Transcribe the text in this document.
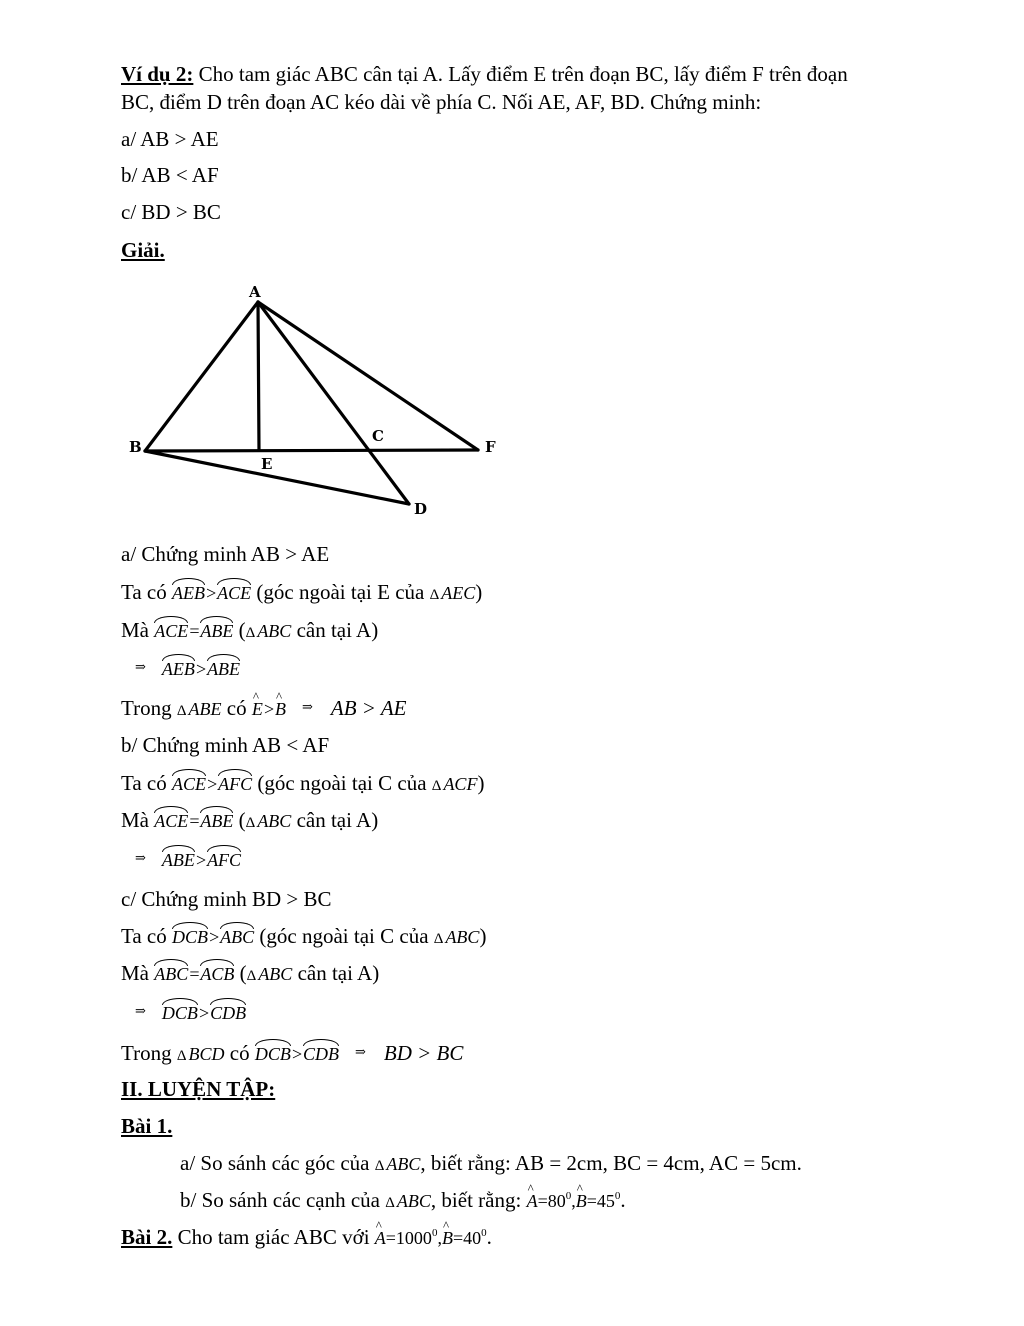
Ví dụ 2: Cho tam giác ABC cân tại A. Lấy điểm E trên đoạn BC, lấy điểm F trên đoạn
BC, điểm D trên đoạn AC kéo dài về phía C. Nối AE, AF, BD. Chứng minh:
a/ AB > AE
b/ AB < AF
c/ BD > BC
Giải.
A
B
C
D
E
F
a/ Chứng minh AB > AE
Ta có AEB>ACE (góc ngoài tại E của Δ AEC)
Mà ACE=ABE (Δ ABC cân tại A)
⇒ AEB>ABE
Trong Δ ABE có ^ E>^ B ⇒ AB > AE
b/ Chứng minh AB < AF
Ta có ACE>AFC (góc ngoài tại C của Δ ACF)
Mà ACE=ABE (Δ ABC cân tại A)
⇒ ABE>AFC
c/ Chứng minh BD > BC
Ta có DCB>ABC (góc ngoài tại C của Δ ABC)
Mà ABC=ACB (Δ ABC cân tại A)
⇒ DCB>CDB
Trong Δ BCD có DCB>CDB ⇒ BD > BC
II. LUYỆN TẬP:
Bài 1.
a/ So sánh các góc của Δ ABC, biết rằng: AB = 2cm, BC = 4cm, AC = 5cm.
b/ So sánh các cạnh của Δ ABC, biết rằng: ^ $A=80^0,\^{}$ $B=45^0$.
Bài 2. Cho tam giác ABC với ^ $A=1000^0,\^{}$ $B=40^0$.
